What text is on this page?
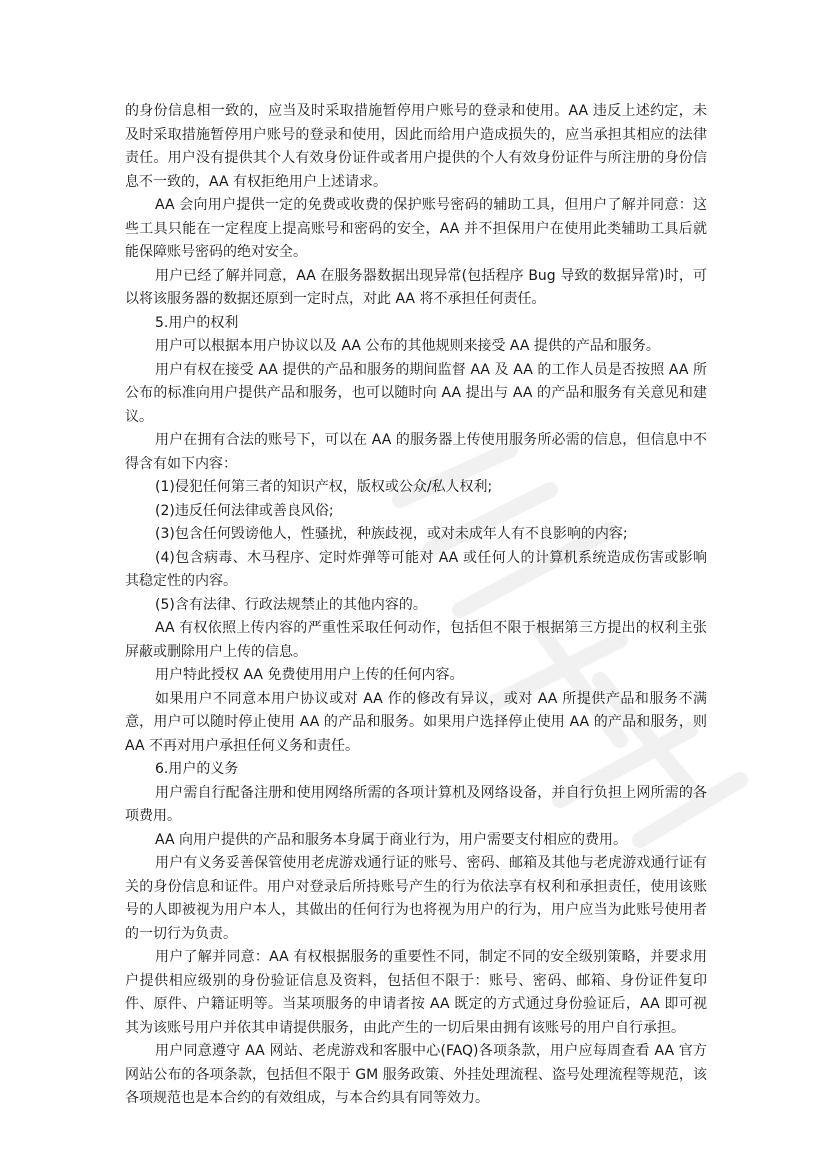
的身份信息相一致的，应当及时采取措施暂停用户账号的登录和使用。AA 违反上述约定，未及时采取措施暂停用户账号的登录和使用，因此而给用户造成损失的，应当承担其相应的法律责任。用户没有提供其个人有效身份证件或者用户提供的个人有效身份证件与所注册的身份信息不一致的，AA 有权拒绝用户上述请求。

AA 会向用户提供一定的免费或收费的保护账号密码的辅助工具，但用户了解并同意：这些工具只能在一定程度上提高账号和密码的安全，AA 并不担保用户在使用此类辅助工具后就能保障账号密码的绝对安全。

用户已经了解并同意，AA 在服务器数据出现异常(包括程序 Bug 导致的数据异常)时，可以将该服务器的数据还原到一定时点，对此 AA 将不承担任何责任。

5.用户的权利

用户可以根据本用户协议以及 AA 公布的其他规则来接受 AA 提供的产品和服务。

用户有权在接受 AA 提供的产品和服务的期间监督 AA 及 AA 的工作人员是否按照 AA 所公布的标准向用户提供产品和服务，也可以随时向 AA 提出与 AA 的产品和服务有关意见和建议。

用户在拥有合法的账号下，可以在 AA 的服务器上传使用服务所必需的信息，但信息中不得含有如下内容：

(1)侵犯任何第三者的知识产权，版权或公众/私人权利;

(2)违反任何法律或善良风俗;

(3)包含任何毁谤他人，性骚扰，种族歧视，或对未成年人有不良影响的内容;

(4)包含病毒、木马程序、定时炸弹等可能对 AA 或任何人的计算机系统造成伤害或影响其稳定性的内容。

(5)含有法律、行政法规禁止的其他内容的。

AA 有权依照上传内容的严重性采取任何动作，包括但不限于根据第三方提出的权利主张屏蔽或删除用户上传的信息。

用户特此授权 AA 免费使用用户上传的任何内容。

如果用户不同意本用户协议或对 AA 作的修改有异议，或对 AA 所提供产品和服务不满意，用户可以随时停止使用 AA 的产品和服务。如果用户选择停止使用 AA 的产品和服务，则 AA 不再对用户承担任何义务和责任。

6.用户的义务

用户需自行配备注册和使用网络所需的各项计算机及网络设备，并自行负担上网所需的各项费用。

AA 向用户提供的产品和服务本身属于商业行为，用户需要支付相应的费用。

用户有义务妥善保管使用老虎游戏通行证的账号、密码、邮箱及其他与老虎游戏通行证有关的身份信息和证件。用户对登录后所持账号产生的行为依法享有权利和承担责任，使用该账号的人即被视为用户本人，其做出的任何行为也将视为用户的行为，用户应当为此账号使用者的一切行为负责。

用户了解并同意：AA 有权根据服务的重要性不同，制定不同的安全级别策略，并要求用户提供相应级别的身份验证信息及资料，包括但不限于：账号、密码、邮箱、身份证件复印件、原件、户籍证明等。当某项服务的申请者按 AA 既定的方式通过身份验证后，AA 即可视其为该账号用户并依其申请提供服务，由此产生的一切后果由拥有该账号的用户自行承担。

用户同意遵守 AA 网站、老虎游戏和客服中心(FAQ)各项条款，用户应每周查看 AA 官方网站公布的各项条款，包括但不限于 GM 服务政策、外挂处理流程、盗号处理流程等规范，该各项规范也是本合约的有效组成，与本合约具有同等效力。
